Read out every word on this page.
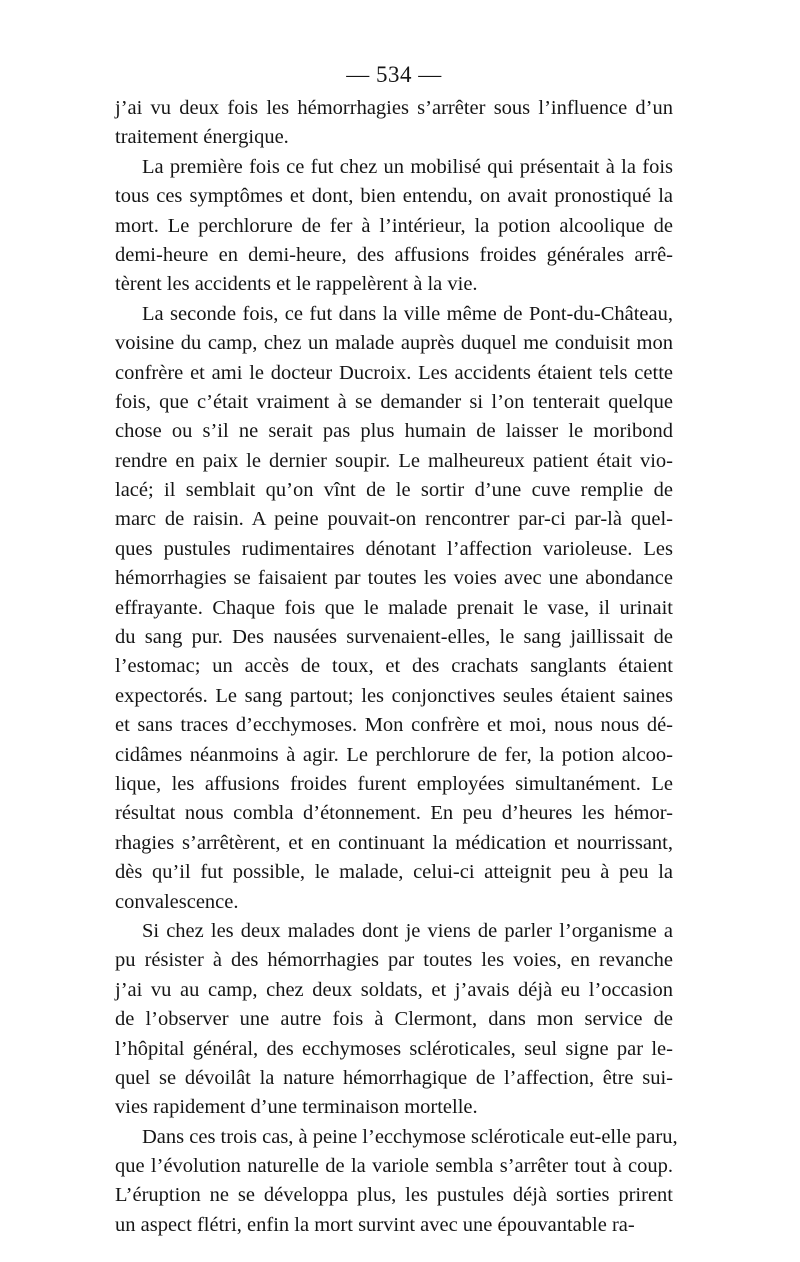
— 534 —
j’ai vu deux fois les hémorrhagies s’arrêter sous l’influence d’un
traitement énergique.
La première fois ce fut chez un mobilisé qui présentait à la fois
tous ces symptômes et dont, bien entendu, on avait pronostiqué la
mort. Le perchlorure de fer à l’intérieur, la potion alcoolique de
demi-heure en demi-heure, des affusions froides générales arrê-
tèrent les accidents et le rappelèrent à la vie.
La seconde fois, ce fut dans la ville même de Pont-du-Château,
voisine du camp, chez un malade auprès duquel me conduisit mon
confrère et ami le docteur Ducroix. Les accidents étaient tels cette
fois, que c’était vraiment à se demander si l’on tenterait quelque
chose ou s’il ne serait pas plus humain de laisser le moribond
rendre en paix le dernier soupir. Le malheureux patient était vio-
lacé; il semblait qu’on vînt de le sortir d’une cuve remplie de
marc de raisin. A peine pouvait-on rencontrer par-ci par-là quel-
ques pustules rudimentaires dénotant l’affection varioleuse. Les
hémorrhagies se faisaient par toutes les voies avec une abondance
effrayante. Chaque fois que le malade prenait le vase, il urinait
du sang pur. Des nausées survenaient-elles, le sang jaillissait de
l’estomac; un accès de toux, et des crachats sanglants étaient
expectorés. Le sang partout; les conjonctives seules étaient saines
et sans traces d’ecchymoses. Mon confrère et moi, nous nous dé-
cidâmes néanmoins à agir. Le perchlorure de fer, la potion alcoo-
lique, les affusions froides furent employées simultanément. Le
résultat nous combla d’étonnement. En peu d’heures les hémor-
rhagies s’arrêtèrent, et en continuant la médication et nourrissant,
dès qu’il fut possible, le malade, celui-ci atteignit peu à peu la
convalescence.
Si chez les deux malades dont je viens de parler l’organisme a
pu résister à des hémorrhagies par toutes les voies, en revanche
j’ai vu au camp, chez deux soldats, et j’avais déjà eu l’occasion
de l’observer une autre fois à Clermont, dans mon service de
l’hôpital général, des ecchymoses scléroticales, seul signe par le-
quel se dévoilât la nature hémorrhagique de l’affection, être sui-
vies rapidement d’une terminaison mortelle.
Dans ces trois cas, à peine l’ecchymose scléroticale eut-elle paru,
que l’évolution naturelle de la variole sembla s’arrêter tout à coup.
L’éruption ne se développa plus, les pustules déjà sorties prirent
un aspect flétri, enfin la mort survint avec une épouvantable ra-
